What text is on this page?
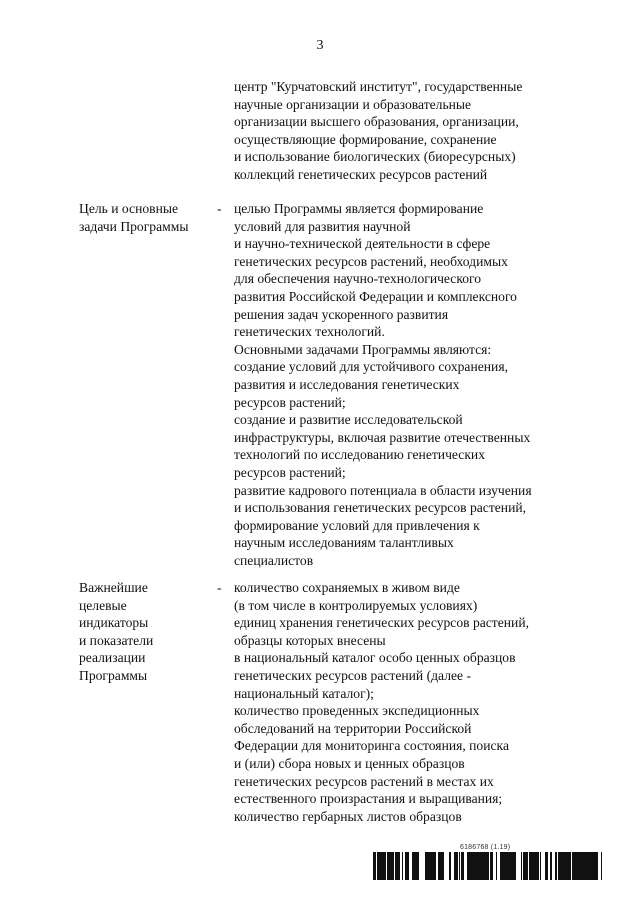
3
центр "Курчатовский институт", государственные
научные организации и образовательные
организации высшего образования, организации,
осуществляющие формирование, сохранение
и использование биологических (биоресурсных)
коллекций генетических ресурсов растений
Цель и основные
задачи Программы
- целью Программы является формирование
условий для развития научной
и научно-технической деятельности в сфере
генетических ресурсов растений, необходимых
для обеспечения научно-технологического
развития Российской Федерации и комплексного
решения задач ускоренного развития
генетических технологий.
Основными задачами Программы являются:
создание условий для устойчивого сохранения,
развития и исследования генетических
ресурсов растений;
создание и развитие исследовательской
инфраструктуры, включая развитие отечественных
технологий по исследованию генетических
ресурсов растений;
развитие кадрового потенциала в области изучения
и использования генетических ресурсов растений,
формирование условий для привлечения к
научным исследованиям талантливых
специалистов
Важнейшие
целевые
индикаторы
и показатели
реализации
Программы
- количество сохраняемых в живом виде
(в том числе в контролируемых условиях)
единиц хранения генетических ресурсов растений,
образцы которых внесены
в национальный каталог особо ценных образцов
генетических ресурсов растений (далее -
национальный каталог);
количество проведенных экспедиционных
обследований на территории Российской
Федерации для мониторинга состояния, поиска
и (или) сбора новых и ценных образцов
генетических ресурсов растений в местах их
естественного произрастания и выращивания;
количество гербарных листов образцов
6186768 (1.19)
